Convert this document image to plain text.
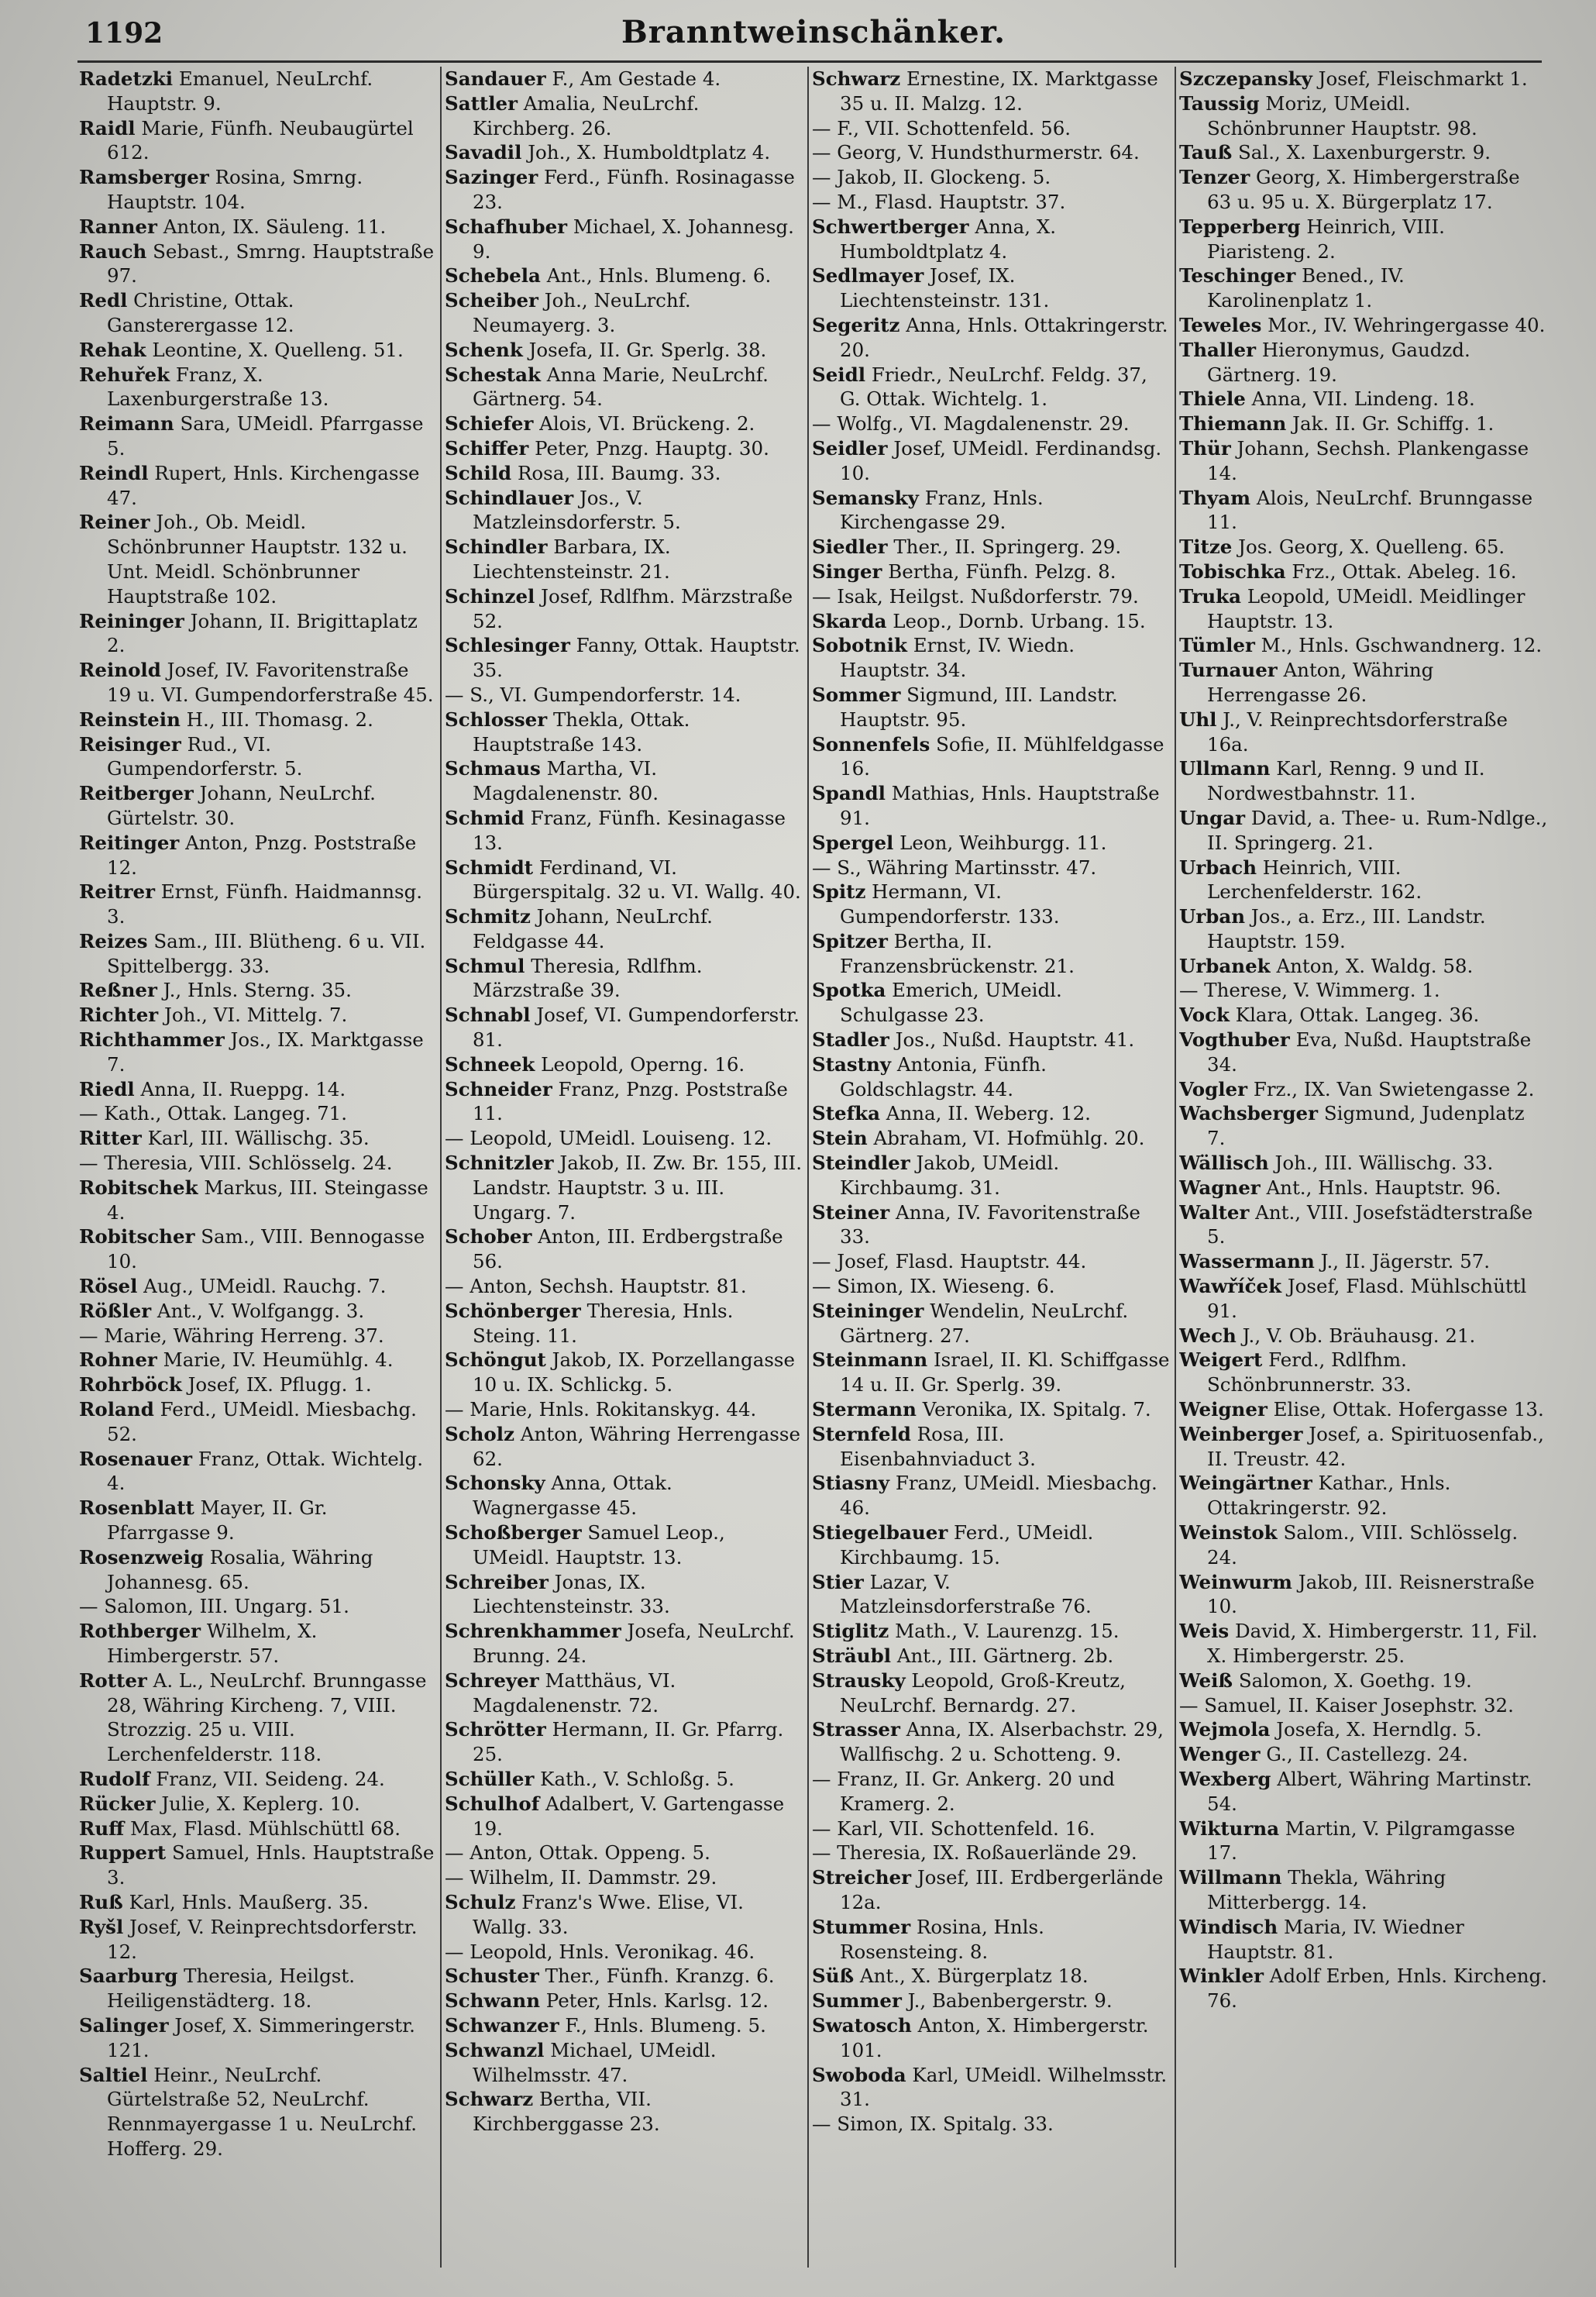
1192	Branntweinschänker.
Radetzki Emanuel, NeuLrchf. Hauptstr. 9.
Raidl Marie, Fünfh. Neubaugürtel 612.
Ramsberger Rosina, Smrng. Hauptstr. 104.
Ranner Anton, IX. Säuleng. 11.
Rauch Sebast., Smrng. Hauptstraße 97.
Redl Christine, Ottak. Gansterergasse 12.
Rehak Leontine, X. Quelleng. 51.
Rehuřek Franz, X. Laxenburgerstraße 13.
Reimann Sara, UMeidl. Pfarrgasse 5.
Reindl Rupert, Hnls. Kirchengasse 47.
Reiner Joh., Ob. Meidl. Schönbrunner Hauptstr. 132 u. Unt. Meidl. Schönbrunner Hauptstraße 102.
Reininger Johann, II. Brigittaplatz 2.
Reinold Josef, IV. Favoritenstraße 19 u. VI. Gumpendorferstraße 45.
Reinstein H., III. Thomasg. 2.
Reisinger Rud., VI. Gumpendorferstr. 5.
Reitberger Johann, NeuLrchf. Gürtelstr. 30.
Reitinger Anton, Pnzg. Poststraße 12.
Reitrer Ernst, Fünfh. Haidmannsg. 3.
Reizes Sam., III. Blütheng. 6 u. VII. Spittelbergg. 33.
Reßner J., Hnls. Sterng. 35.
Richter Joh., VI. Mittelg. 7.
Richthammer Jos., IX. Marktgasse 7.
Riedl Anna, II. Rueppg. 14.
— Kath., Ottak. Langeg. 71.
Ritter Karl, III. Wällischg. 35.
— Theresia, VIII. Schlösselg. 24.
Robitschek Markus, III. Steingasse 4.
Robitscher Sam., VIII. Bennogasse 10.
Rösel Aug., UMeidl. Rauchg. 7.
Rößler Ant., V. Wolfgangg. 3.
— Marie, Währing Herreng. 37.
Rohner Marie, IV. Heumühlg. 4.
Rohrböck Josef, IX. Pflugg. 1.
Roland Ferd., UMeidl. Miesbachg. 52.
Rosenauer Franz, Ottak. Wichtelg. 4.
Rosenblatt Mayer, II. Gr. Pfarrgasse 9.
Rosenzweig Rosalia, Währing Johannesg. 65.
— Salomon, III. Ungarg. 51.
Rothberger Wilhelm, X. Himbergerstr. 57.
Rotter A. L., NeuLrchf. Brunngasse 28, Währing Kircheng. 7, VIII. Strozzig. 25 u. VIII. Lerchenfelderstr. 118.
Rudolf Franz, VII. Seideng. 24.
Rücker Julie, X. Keplerg. 10.
Ruff Max, Flasd. Mühlschüttl 68.
Ruppert Samuel, Hnls. Hauptstraße 3.
Ruß Karl, Hnls. Maußerg. 35.
Ryšl Josef, V. Reinprechtsdorferstr. 12.
Saarburg Theresia, Heilgst. Heiligenstädterg. 18.
Salinger Josef, X. Simmeringerstr. 121.
Saltiel Heinr., NeuLrchf. Gürtelstraße 52, NeuLrchf. Rennmayergasse 1 u. NeuLrchf. Hofferg. 29.
Sandauer F., Am Gestade 4.
Sattler Amalia, NeuLrchf. Kirchberg. 26.
Savadil Joh., X. Humboldtplatz 4.
Sazinger Ferd., Fünfh. Rosinagasse 23.
Schafhuber Michael, X. Johannesg. 9.
Schebela Ant., Hnls. Blumeng. 6.
Scheiber Joh., NeuLrchf. Neumayerg. 3.
Schenk Josefa, II. Gr. Sperlg. 38.
Schestak Anna Marie, NeuLrchf. Gärtnerg. 54.
Schiefer Alois, VI. Brückeng. 2.
Schiffer Peter, Pnzg. Hauptg. 30.
Schild Rosa, III. Baumg. 33.
Schindlauer Jos., V. Matzleinsdorferstr. 5.
Schindler Barbara, IX. Liechtensteinstr. 21.
Schinzel Josef, Rdlfhm. Märzstraße 52.
Schlesinger Fanny, Ottak. Hauptstr. 35.
— S., VI. Gumpendorferstr. 14.
Schlosser Thekla, Ottak. Hauptstraße 143.
Schmaus Martha, VI. Magdalenenstr. 80.
Schmid Franz, Fünfh. Kesinagasse 13.
Schmidt Ferdinand, VI. Bürgerspitalg. 32 u. VI. Wallg. 40.
Schmitz Johann, NeuLrchf. Feldgasse 44.
Schmul Theresia, Rdlfhm. Märzstraße 39.
Schnabl Josef, VI. Gumpendorferstr. 81.
Schneek Leopold, Operng. 16.
Schneider Franz, Pnzg. Poststraße 11.
— Leopold, UMeidl. Louiseng. 12.
Schnitzler Jakob, II. Zw. Br. 155, III. Landstr. Hauptstr. 3 u. III. Ungarg. 7.
Schober Anton, III. Erdbergstraße 56.
— Anton, Sechsh. Hauptstr. 81.
Schönberger Theresia, Hnls. Steing. 11.
Schöngut Jakob, IX. Porzellangasse 10 u. IX. Schlickg. 5.
— Marie, Hnls. Rokitanskyg. 44.
Scholz Anton, Währing Herrengasse 62.
Schonsky Anna, Ottak. Wagnergasse 45.
Schoßberger Samuel Leop., UMeidl. Hauptstr. 13.
Schreiber Jonas, IX. Liechtensteinstr. 33.
Schrenkhammer Josefa, NeuLrchf. Brunng. 24.
Schreyer Matthäus, VI. Magdalenenstr. 72.
Schrötter Hermann, II. Gr. Pfarrg. 25.
Schüller Kath., V. Schloßg. 5.
Schulhof Adalbert, V. Gartengasse 19.
— Anton, Ottak. Oppeng. 5.
— Wilhelm, II. Dammstr. 29.
Schulz Franz's Wwe. Elise, VI. Wallg. 33.
— Leopold, Hnls. Veronikag. 46.
Schuster Ther., Fünfh. Kranzg. 6.
Schwann Peter, Hnls. Karlsg. 12.
Schwanzer F., Hnls. Blumeng. 5.
Schwanzl Michael, UMeidl. Wilhelmsstr. 47.
Schwarz Bertha, VII. Kirchberggasse 23.
Schwarz Ernestine, IX. Marktgasse 35 u. II. Malzg. 12.
— F., VII. Schottenfeld. 56.
— Georg, V. Hundsthurmerstr. 64.
— Jakob, II. Glockeng. 5.
— M., Flasd. Hauptstr. 37.
Schwertberger Anna, X. Humboldtplatz 4.
Sedlmayer Josef, IX. Liechtensteinstr. 131.
Segeritz Anna, Hnls. Ottakringerstr. 20.
Seidl Friedr., NeuLrchf. Feldg. 37, G. Ottak. Wichtelg. 1.
— Wolfg., VI. Magdalenenstr. 29.
Seidler Josef, UMeidl. Ferdinandsg. 10.
Semansky Franz, Hnls. Kirchengasse 29.
Siedler Ther., II. Springerg. 29.
Singer Bertha, Fünfh. Pelzg. 8.
— Isak, Heilgst. Nußdorferstr. 79.
Skarda Leop., Dornb. Urbang. 15.
Sobotnik Ernst, IV. Wiedn. Hauptstr. 34.
Sommer Sigmund, III. Landstr. Hauptstr. 95.
Sonnenfels Sofie, II. Mühlfeldgasse 16.
Spandl Mathias, Hnls. Hauptstraße 91.
Spergel Leon, Weihburgg. 11.
— S., Währing Martinsstr. 47.
Spitz Hermann, VI. Gumpendorferstr. 133.
Spitzer Bertha, II. Franzensbrückenstr. 21.
Spotka Emerich, UMeidl. Schulgasse 23.
Stadler Jos., Nußd. Hauptstr. 41.
Stastny Antonia, Fünfh. Goldschlagstr. 44.
Stefka Anna, II. Weberg. 12.
Stein Abraham, VI. Hofmühlg. 20.
Steindler Jakob, UMeidl. Kirchbaumg. 31.
Steiner Anna, IV. Favoritenstraße 33.
— Josef, Flasd. Hauptstr. 44.
— Simon, IX. Wieseng. 6.
Steininger Wendelin, NeuLrchf. Gärtnerg. 27.
Steinmann Israel, II. Kl. Schiffgasse 14 u. II. Gr. Sperlg. 39.
Stermann Veronika, IX. Spitalg. 7.
Sternfeld Rosa, III. Eisenbahnviaduct 3.
Stiasny Franz, UMeidl. Miesbachg. 46.
Stiegelbauer Ferd., UMeidl. Kirchbaumg. 15.
Stier Lazar, V. Matzleinsdorferstraße 76.
Stiglitz Math., V. Laurenzg. 15.
Sträubl Ant., III. Gärtnerg. 2b.
Strausky Leopold, Groß-Kreutz, NeuLrchf. Bernardg. 27.
Strasser Anna, IX. Alserbachstr. 29, Wallfischg. 2 u. Schotteng. 9.
— Franz, II. Gr. Ankerg. 20 und Kramerg. 2.
— Karl, VII. Schottenfeld. 16.
— Theresia, IX. Roßauerlände 29.
Streicher Josef, III. Erdbergerlände 12a.
Stummer Rosina, Hnls. Rosensteing. 8.
Süß Ant., X. Bürgerplatz 18.
Summer J., Babenbergerstr. 9.
Swatosch Anton, X. Himbergerstr. 101.
Swoboda Karl, UMeidl. Wilhelmsstr. 31.
— Simon, IX. Spitalg. 33.
Szczepansky Josef, Fleischmarkt 1.
Taussig Moriz, UMeidl. Schönbrunner Hauptstr. 98.
Tauß Sal., X. Laxenburgerstr. 9.
Tenzer Georg, X. Himbergerstraße 63 u. 95 u. X. Bürgerplatz 17.
Tepperberg Heinrich, VIII. Piaristeng. 2.
Teschinger Bened., IV. Karolinenplatz 1.
Teweles Mor., IV. Wehringergasse 40.
Thaller Hieronymus, Gaudzd. Gärtnerg. 19.
Thiele Anna, VII. Lindeng. 18.
Thiemann Jak. II. Gr. Schiffg. 1.
Thür Johann, Sechsh. Plankengasse 14.
Thyam Alois, NeuLrchf. Brunngasse 11.
Titze Jos. Georg, X. Quelleng. 65.
Tobischka Frz., Ottak. Abeleg. 16.
Truka Leopold, UMeidl. Meidlinger Hauptstr. 13.
Tümler M., Hnls. Gschwandnerg. 12.
Turnauer Anton, Währing Herrengasse 26.
Uhl J., V. Reinprechtsdorferstraße 16a.
Ullmann Karl, Renng. 9 und II. Nordwestbahnstr. 11.
Ungar David, a. Thee- u. Rum-Ndlge., II. Springerg. 21.
Urbach Heinrich, VIII. Lerchenfelderstr. 162.
Urban Jos., a. Erz., III. Landstr. Hauptstr. 159.
Urbanek Anton, X. Waldg. 58.
— Therese, V. Wimmerg. 1.
Vock Klara, Ottak. Langeg. 36.
Vogthuber Eva, Nußd. Hauptstraße 34.
Vogler Frz., IX. Van Swietengasse 2.
Wachsberger Sigmund, Judenplatz 7.
Wällisch Joh., III. Wällischg. 33.
Wagner Ant., Hnls. Hauptstr. 96.
Walter Ant., VIII. Josefstädterstraße 5.
Wassermann J., II. Jägerstr. 57.
Wawříček Josef, Flasd. Mühlschüttl 91.
Wech J., V. Ob. Bräuhausg. 21.
Weigert Ferd., Rdlfhm. Schönbrunnerstr. 33.
Weigner Elise, Ottak. Hofergasse 13.
Weinberger Josef, a. Spirituosenfab., II. Treustr. 42.
Weingärtner Kathar., Hnls. Ottakringerstr. 92.
Weinstok Salom., VIII. Schlösselg. 24.
Weinwurm Jakob, III. Reisnerstraße 10.
Weis David, X. Himbergerstr. 11, Fil. X. Himbergerstr. 25.
Weiß Salomon, X. Goethg. 19.
— Samuel, II. Kaiser Josephstr. 32.
Wejmola Josefa, X. Herndlg. 5.
Wenger G., II. Castellezg. 24.
Wexberg Albert, Währing Martinstr. 54.
Wikturna Martin, V. Pilgramgasse 17.
Willmann Thekla, Währing Mitterbergg. 14.
Windisch Maria, IV. Wiedner Hauptstr. 81.
Winkler Adolf Erben, Hnls. Kircheng. 76.
